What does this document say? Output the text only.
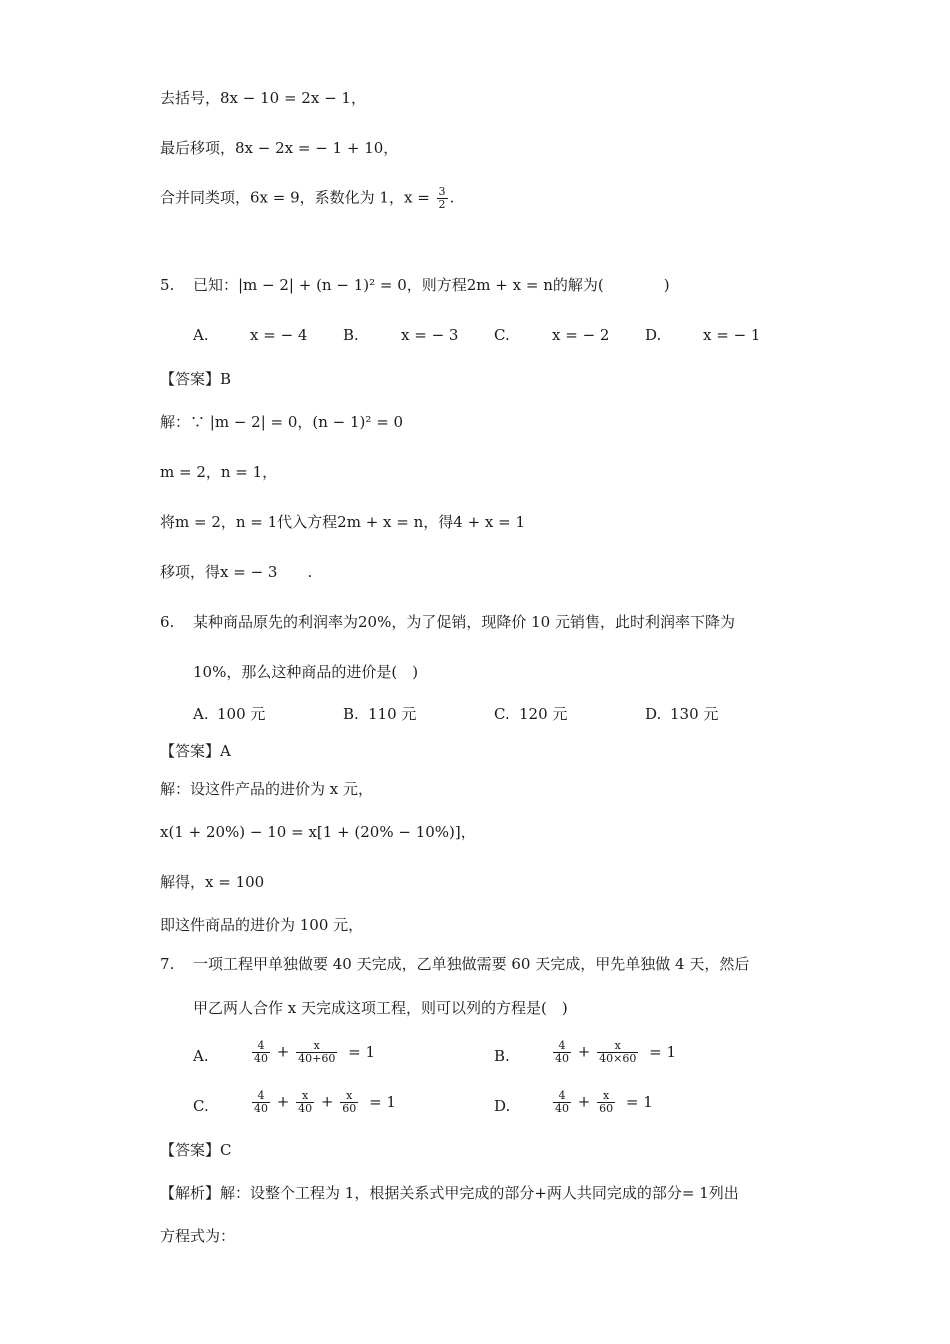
去括号，8x − 10 = 2x − 1，
最后移项，8x − 2x = − 1 + 10，
合并同类项，6x = 9，系数化为 1，$x = \frac{3}{2}$ .
5. 已知：|m − 2| + (n − 1)² = 0，则方程2m + x = n的解为(　　　　)
A.	x = − 4 B.	x = − 3 C.	x = − 2 D.	x = − 1
【答案】B
解：∵ |m − 2| = 0，(n − 1)² = 0
m = 2，n = 1，
将m = 2，n = 1代入方程2m + x = n，得4 + x = 1
移项，得x = − 3　　.
6. 某种商品原先的利润率为20%，为了促销，现降价 10 元销售，此时利润率下降为
10%，那么这种商品的进价是(　)
A. 100 元	B. 110 元	C. 120 元	D. 130 元
【答案】A
解：设这件产品的进价为 x 元，
x(1 + 20%) − 10 = x[1 + (20% − 10%)]，
解得，x = 100
即这件商品的进价为 100 元，
7. 一项工程甲单独做要 40 天完成，乙单独做需要 60 天完成，甲先单独做 4 天，然后
甲乙两人合作 x 天完成这项工程，则可以列的方程是(　)
A.	$\frac{4}{40} + \frac{x}{40+60} = 1$	B.	$\frac{4}{40} + \frac{x}{40\times 60} = 1$
C.	$\frac{4}{40} + \frac{x}{40} + \frac{x}{60} = 1$	D.	$\frac{4}{40} + \frac{x}{60} = 1$
【答案】C
【解析】解：设整个工程为 1，根据关系式甲完成的部分+两人共同完成的部分= 1列出
方程式为：
